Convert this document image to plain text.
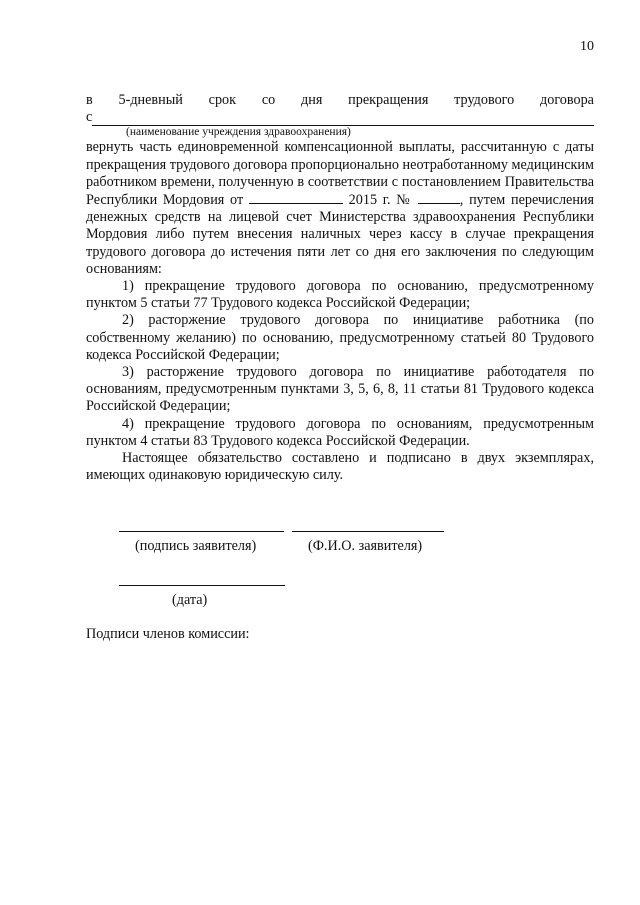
10
в 5-дневный срок со дня прекращения трудового договора
с

(наименование учреждения здравоохранения)

вернуть часть единовременной компенсационной выплаты, рассчитанную с даты прекращения трудового договора пропорционально неотработанному медицинским работником времени, полученную в соответствии с постановлением Правительства Республики Мордовия от	2015 г. №	, путем перечисления денежных средств на лицевой счет Министерства здравоохранения Республики Мордовия либо путем внесения наличных через кассу в случае прекращения трудового договора до истечения пяти лет со дня его заключения по следующим основаниям:

1) прекращение трудового договора по основанию, предусмотренному пунктом 5 статьи 77 Трудового кодекса Российской Федерации;

2) расторжение трудового договора по инициативе работника (по собственному желанию) по основанию, предусмотренному статьей 80 Трудового кодекса Российской Федерации;

3) расторжение трудового договора по инициативе работодателя по основаниям, предусмотренным пунктами 3, 5, 6, 8, 11 статьи 81 Трудового кодекса Российской Федерации;

4) прекращение трудового договора по основаниям, предусмотренным пунктом 4 статьи 83 Трудового кодекса Российской Федерации.

Настоящее обязательство составлено и подписано в двух экземплярах, имеющих одинаковую юридическую силу.

(подпись заявителя)	(Ф.И.О. заявителя)
(дата)
Подписи членов комиссии:
